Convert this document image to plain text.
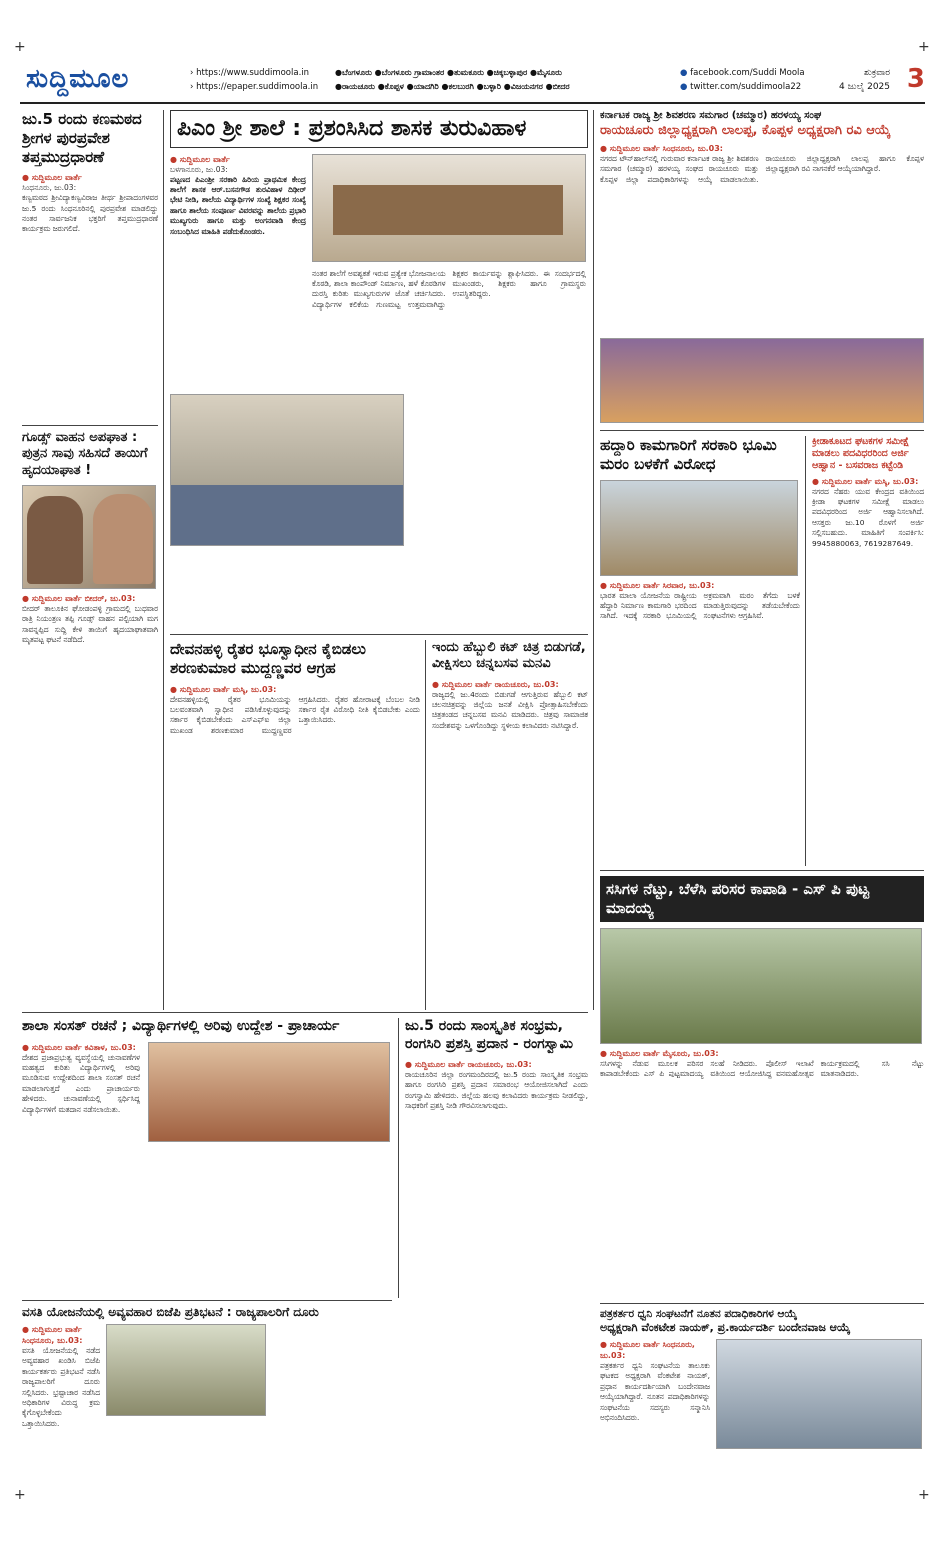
+	+
+	+
ಸುದ್ದಿಮೂಲ	› https://www.suddimoola.in
› https://epaper.suddimoola.in
●ಬೆಂಗಳೂರು ●ಬೆಂಗಳೂರು ಗ್ರಾಮಾಂತರ ●ತುಮಕೂರು ●ಚಿಕ್ಕಬಳ್ಳಾಪುರ ●ಮೈಸೂರು
●ರಾಯಚೂರು ●ಕೊಪ್ಪಳ ●ಯಾದಗಿರಿ ●ಕಲಬುರಗಿ ●ಬಳ್ಳಾರಿ ●ವಿಜಯನಗರ ●ಬೀದರ
● facebook.com/Suddi Moola
● twitter.com/suddimoola22
ಶುಕ್ರವಾರ
4 ಜುಲೈ 2025 3
ಜು.5 ರಂದು ಕಣಮಠದ ಶ್ರೀಗಳ ಪುರಪ್ರವೇಶ ತಪ್ತಮುದ್ರಧಾರಣೆ
● ಸುದ್ದಿಮೂಲ ವಾರ್ತೆ
ಸಿಂಧನೂರು, ಜು.03:
ಕಣ್ವಮಠದ ಶ್ರೀವಿದ್ಯಾಕಣ್ವವಿರಾಜ ತೀರ್ಥ ಶ್ರೀಪಾದಂಗಳವರ ಜು.5 ರಂದು ಸಿಂಧನೂರಿನಲ್ಲಿ ಪುರಪ್ರವೇಶ ಮಾಡಲಿದ್ದು ನಂತರ ಸಾರ್ವಜನಿಕ ಭಕ್ತರಿಗೆ ತಪ್ತಮುದ್ರಧಾರಣೆ ಕಾರ್ಯಕ್ರಮ ಜರುಗಲಿದೆ.
ಗೂಡ್ಸ್ ವಾಹನ ಅಪಘಾತ : ಪುತ್ರನ ಸಾವು ಸಹಿಸದೆ ತಾಯಿಗೆ ಹೃದಯಾಘಾತ !
● ಸುದ್ದಿಮೂಲ ವಾರ್ತೆ ಬೀದರ್, ಜು.03:
ಬೀದರ್ ತಾಲೂಕಿನ ಘೋಡಂಪಳ್ಳಿ ಗ್ರಾಮದಲ್ಲಿ ಬುಧವಾರ ರಾತ್ರಿ ನಿಯಂತ್ರಣ ತಪ್ಪಿ ಗೂಡ್ಸ್ ವಾಹನ ಪಲ್ಟಿಯಾಗಿ ಮಗ ಸಾವನ್ನಪ್ಪಿದ ಸುದ್ದಿ ಕೇಳಿ ತಾಯಿಗೆ ಹೃದಯಾಘಾತವಾಗಿ ಮೃತಪಟ್ಟ ಘಟನೆ ನಡೆದಿದೆ.
ಪಿಎಂ ಶ್ರೀ ಶಾಲೆ : ಪ್ರಶಂಸಿಸಿದ ಶಾಸಕ ತುರುವಿಹಾಳ
● ಸುದ್ದಿಮೂಲ ವಾರ್ತೆ
ಬಳಗಾನೂರು, ಜು.03:
ಪಟ್ಟಣದ ಪಿಎಂಶ್ರೀ ಸರಕಾರಿ ಹಿರಿಯ ಪ್ರಾಥಮಿಕ ಕೇಂದ್ರ ಶಾಲೆಗೆ ಶಾಸಕ ಆರ್.ಬಸನಗೌಡ ತುರವಿಹಾಳ ದಿಢೀರ್ ಭೇಟಿ ನೀಡಿ, ಶಾಲೆಯ ವಿದ್ಯಾರ್ಥಿಗಳ ಸಂಖ್ಯೆ ಶಿಕ್ಷಕರ ಸಂಖ್ಯೆ ಹಾಗೂ ಶಾಲೆಯ ಸಂಪೂರ್ಣ ವಿವರವನ್ನು ಶಾಲೆಯ ಪ್ರಭಾರಿ ಮುಖ್ಯಗುರು ಹಾಗೂ ಮತ್ತು ಅಂಗನವಾಡಿ ಕೇಂದ್ರ ಸಂಬಂಧಿಸಿದ ಮಾಹಿತಿ ಪಡೆದುಕೊಂಡರು.
ನಂತರ ಶಾಲೆಗೆ ಅವಶ್ಯಕತೆ ಇರುವ ಪ್ರತ್ಯೇಕ ಭೋಜನಾಲಯ ಕೊಠಡಿ, ಶಾಲಾ ಕಾಂಪೌಂಡ್ ನಿರ್ಮಾಣ, ಹಳೆ ಕೊಠಡಿಗಳ ದುರಸ್ತಿ ಕುರಿತು ಮುಖ್ಯಗುರುಗಳ ಜೊತೆ ಚರ್ಚಿಸಿದರು. ವಿದ್ಯಾರ್ಥಿಗಳ ಕಲಿಕೆಯ ಗುಣಮಟ್ಟ ಉತ್ತಮವಾಗಿದ್ದು ಶಿಕ್ಷಕರ ಕಾರ್ಯವನ್ನು ಶ್ಲಾಘಿಸಿದರು. ಈ ಸಂದರ್ಭದಲ್ಲಿ ಮುಖಂಡರು, ಶಿಕ್ಷಕರು ಹಾಗೂ ಗ್ರಾಮಸ್ಥರು ಉಪಸ್ಥಿತರಿದ್ದರು.
ದೇವನಹಳ್ಳಿ ರೈತರ ಭೂಸ್ವಾಧೀನ ಕೈಬಿಡಲು ಶರಣಕುಮಾರ ಮುದ್ದಣ್ಣವರ ಆಗ್ರಹ
● ಸುದ್ದಿಮೂಲ ವಾರ್ತೆ ಮಸ್ಕಿ, ಜು.03:
ದೇವನಹಳ್ಳಿಯಲ್ಲಿ ರೈತರ ಭೂಮಿಯನ್ನು ಬಲವಂತವಾಗಿ ಸ್ವಾಧೀನ ಪಡಿಸಿಕೊಳ್ಳುವುದನ್ನು ಸರ್ಕಾರ ಕೈಬಿಡಬೇಕೆಂದು ಎಸ್ಎಫ್ಐ ಜಿಲ್ಲಾ ಮುಖಂಡ ಶರಣಕುಮಾರ ಮುದ್ದಣ್ಣವರ ಆಗ್ರಹಿಸಿದರು. ರೈತರ ಹೋರಾಟಕ್ಕೆ ಬೆಂಬಲ ನೀಡಿ ಸರ್ಕಾರ ರೈತ ವಿರೋಧಿ ನೀತಿ ಕೈಬಿಡಬೇಕು ಎಂದು ಒತ್ತಾಯಿಸಿದರು.
ಇಂದು ಹೆಬ್ಬುಲಿ ಕಟ್ ಚಿತ್ರ ಬಿಡುಗಡೆ, ವೀಕ್ಷಿಸಲು ಚನ್ನಬಸವ ಮನವಿ
● ಸುದ್ದಿಮೂಲ ವಾರ್ತೆ ರಾಯಚೂರು, ಜು.03:
ರಾಜ್ಯದಲ್ಲಿ ಜು.4ರಂದು ಬಿಡುಗಡೆ ಆಗುತ್ತಿರುವ ಹೆಬ್ಬುಲಿ ಕಟ್ ಚಲನಚಿತ್ರವನ್ನು ಜಿಲ್ಲೆಯ ಜನತೆ ವೀಕ್ಷಿಸಿ ಪ್ರೋತ್ಸಾಹಿಸಬೇಕೆಂದು ಚಿತ್ರತಂಡದ ಚನ್ನಬಸವ ಮನವಿ ಮಾಡಿದರು. ಚಿತ್ರವು ಸಾಮಾಜಿಕ ಸಂದೇಶವನ್ನು ಒಳಗೊಂಡಿದ್ದು ಸ್ಥಳೀಯ ಕಲಾವಿದರು ನಟಿಸಿದ್ದಾರೆ.
ಕರ್ನಾಟಕ ರಾಜ್ಯ ಶ್ರೀ ಶಿವಶರಣ ಸಮಗಾರ (ಚಮ್ಮಾರ) ಹರಳಯ್ಯ ಸಂಘ
ರಾಯಚೂರು ಜಿಲ್ಲಾಧ್ಯಕ್ಷರಾಗಿ ಲಾಲಪ್ಪ, ಕೊಪ್ಪಳ ಅಧ್ಯಕ್ಷರಾಗಿ ರವಿ ಆಯ್ಕೆ
● ಸುದ್ದಿಮೂಲ ವಾರ್ತೆ ಸಿಂಧನೂರು, ಜು.03:
ನಗರದ ಟೌನ್‌ಹಾಲ್‌ನಲ್ಲಿ ಗುರುವಾರ ಕರ್ನಾಟಕ ರಾಜ್ಯ ಶ್ರೀ ಶಿವಶರಣ ಸಮಗಾರ (ಚಮ್ಮಾರ) ಹರಳಯ್ಯ ಸಂಘದ ರಾಯಚೂರು ಮತ್ತು ಕೊಪ್ಪಳ ಜಿಲ್ಲಾ ಪದಾಧಿಕಾರಿಗಳನ್ನು ಆಯ್ಕೆ ಮಾಡಲಾಯಿತು. ರಾಯಚೂರು ಜಿಲ್ಲಾಧ್ಯಕ್ಷರಾಗಿ ಲಾಲಪ್ಪ ಹಾಗೂ ಕೊಪ್ಪಳ ಜಿಲ್ಲಾಧ್ಯಕ್ಷರಾಗಿ ರವಿ ನಾಗನಕೆರೆ ಆಯ್ಕೆಯಾಗಿದ್ದಾರೆ.
ಹದ್ದಾರಿ ಕಾಮಗಾರಿಗೆ ಸರಕಾರಿ ಭೂಮಿ ಮರಂ ಬಳಕೆಗೆ ವಿರೋಧ
● ಸುದ್ದಿಮೂಲ ವಾರ್ತೆ ಸಿರವಾರ, ಜು.03:
ಭಾರತ ಮಾಲಾ ಯೋಜನೆಯ ರಾಷ್ಟ್ರೀಯ ಹೆದ್ದಾರಿ ನಿರ್ಮಾಣ ಕಾಮಗಾರಿ ಭರದಿಂದ ಸಾಗಿದೆ. ಇದಕ್ಕೆ ಸರಕಾರಿ ಭೂಮಿಯಲ್ಲಿ ಅಕ್ರಮವಾಗಿ ಮರಂ ತೆಗೆದು ಬಳಕೆ ಮಾಡುತ್ತಿರುವುದನ್ನು ತಡೆಯಬೇಕೆಂದು ಸಂಘಟನೆಗಳು ಆಗ್ರಹಿಸಿವೆ.
ಕ್ರೀಡಾಕೂಟದ ಘಟಕಗಳ ಸಮೀಕ್ಷೆ ಮಾಡಲು ಪದವಿಧರರಿಂದ ಅರ್ಜಿ ಆಹ್ವಾನ - ಬಸವರಾಜ ಕಟ್ಟೆಂಡಿ
● ಸುದ್ದಿಮೂಲ ವಾರ್ತೆ ಮಸ್ಕಿ, ಜು.03:
ನಗರದ ನೆಹರು ಯುವ ಕೇಂದ್ರದ ವತಿಯಿಂದ ಕ್ರೀಡಾ ಘಟಕಗಳ ಸಮೀಕ್ಷೆ ಮಾಡಲು ಪದವಿಧರರಿಂದ ಅರ್ಜಿ ಆಹ್ವಾನಿಸಲಾಗಿದೆ. ಆಸಕ್ತರು ಜು.10 ರೊಳಗೆ ಅರ್ಜಿ ಸಲ್ಲಿಸಬಹುದು. ಮಾಹಿತಿಗೆ ಸಂಪರ್ಕಿಸಿ: 9945880063, 7619287649.
ಸಸಿಗಳ ನೆಟ್ಟು, ಬೆಳೆಸಿ ಪರಿಸರ ಕಾಪಾಡಿ - ಎಸ್ ಪಿ ಪುಟ್ಟ ಮಾದಯ್ಯ
● ಸುದ್ದಿಮೂಲ ವಾರ್ತೆ ಮೈಸೂರು, ಜು.03:
ಸಸಿಗಳನ್ನು ನೆಡುವ ಮೂಲಕ ಪರಿಸರ ಕಾಪಾಡಬೇಕೆಂದು ಎಸ್ ಪಿ ಪುಟ್ಟಮಾದಯ್ಯ ಸಲಹೆ ನೀಡಿದರು. ಪೊಲೀಸ್ ಇಲಾಖೆ ವತಿಯಿಂದ ಆಯೋಜಿಸಿದ್ದ ವನಮಹೋತ್ಸವ ಕಾರ್ಯಕ್ರಮದಲ್ಲಿ ಸಸಿ ನೆಟ್ಟು ಮಾತನಾಡಿದರು.
ಪತ್ರಕರ್ತರ ಧ್ವನಿ ಸಂಘಟನೆಗೆ ನೂತನ ಪದಾಧಿಕಾರಿಗಳ ಆಯ್ಕೆ
ಅಧ್ಯಕ್ಷರಾಗಿ ವೆಂಕಟೇಶ ನಾಯಕ್, ಪ್ರ.ಕಾರ್ಯದರ್ಶಿ ಬಂದೇನವಾಜ ಆಯ್ಕೆ
● ಸುದ್ದಿಮೂಲ ವಾರ್ತೆ ಸಿಂಧನೂರು, ಜು.03:
ಪತ್ರಕರ್ತರ ಧ್ವನಿ ಸಂಘಟನೆಯ ತಾಲೂಕು ಘಟಕದ ಅಧ್ಯಕ್ಷರಾಗಿ ವೆಂಕಟೇಶ ನಾಯಕ್, ಪ್ರಧಾನ ಕಾರ್ಯದರ್ಶಿಯಾಗಿ ಬಂದೇನವಾಜ ಆಯ್ಕೆಯಾಗಿದ್ದಾರೆ. ನೂತನ ಪದಾಧಿಕಾರಿಗಳನ್ನು ಸಂಘಟನೆಯ ಸದಸ್ಯರು ಸನ್ಮಾನಿಸಿ ಅಭಿನಂದಿಸಿದರು.
ಶಾಲಾ ಸಂಸತ್ ರಚನೆ ; ವಿದ್ಯಾರ್ಥಿಗಳಲ್ಲಿ ಅರಿವು ಉದ್ದೇಶ - ಪ್ರಾಚಾರ್ಯ
● ಸುದ್ದಿಮೂಲ ವಾರ್ತೆ ಕವಿತಾಳ, ಜು.03:
ದೇಶದ ಪ್ರಜಾಪ್ರಭುತ್ವ ವ್ಯವಸ್ಥೆಯಲ್ಲಿ ಚುನಾವಣೆಗಳ ಮಹತ್ವದ ಕುರಿತು ವಿದ್ಯಾರ್ಥಿಗಳಲ್ಲಿ ಅರಿವು ಮೂಡಿಸುವ ಉದ್ದೇಶದಿಂದ ಶಾಲಾ ಸಂಸತ್ ರಚನೆ ಮಾಡಲಾಗುತ್ತದೆ ಎಂದು ಪ್ರಾಚಾರ್ಯರು ಹೇಳಿದರು. ಚುನಾವಣೆಯಲ್ಲಿ ಸ್ಪರ್ಧಿಸಿದ್ದ ವಿದ್ಯಾರ್ಥಿಗಳಿಗೆ ಮತದಾನ ನಡೆಸಲಾಯಿತು.
ಜು.5 ರಂದು ಸಾಂಸ್ಕೃತಿಕ ಸಂಭ್ರಮ, ರಂಗಸಿರಿ ಪ್ರಶಸ್ತಿ ಪ್ರದಾನ - ರಂಗಸ್ವಾಮಿ
● ಸುದ್ದಿಮೂಲ ವಾರ್ತೆ ರಾಯಚೂರು, ಜು.03:
ರಾಯಚೂರಿನ ಜಿಲ್ಲಾ ರಂಗಮಂದಿರದಲ್ಲಿ ಜು.5 ರಂದು ಸಾಂಸ್ಕೃತಿಕ ಸಂಭ್ರಮ ಹಾಗೂ ರಂಗಸಿರಿ ಪ್ರಶಸ್ತಿ ಪ್ರದಾನ ಸಮಾರಂಭ ಆಯೋಜಿಸಲಾಗಿದೆ ಎಂದು ರಂಗಸ್ವಾಮಿ ಹೇಳಿದರು. ಜಿಲ್ಲೆಯ ಹಲವು ಕಲಾವಿದರು ಕಾರ್ಯಕ್ರಮ ನೀಡಲಿದ್ದು, ಸಾಧಕರಿಗೆ ಪ್ರಶಸ್ತಿ ನೀಡಿ ಗೌರವಿಸಲಾಗುವುದು.
ವಸತಿ ಯೋಜನೆಯಲ್ಲಿ ಅವ್ಯವಹಾರ ಬಿಜೆಪಿ ಪ್ರತಿಭಟನೆ : ರಾಜ್ಯಪಾಲರಿಗೆ ದೂರು
● ಸುದ್ದಿಮೂಲ ವಾರ್ತೆ ಸಿಂಧನೂರು, ಜು.03:
ವಸತಿ ಯೋಜನೆಯಲ್ಲಿ ನಡೆದ ಅವ್ಯವಹಾರ ಖಂಡಿಸಿ ಬಿಜೆಪಿ ಕಾರ್ಯಕರ್ತರು ಪ್ರತಿಭಟನೆ ನಡೆಸಿ ರಾಜ್ಯಪಾಲರಿಗೆ ದೂರು ಸಲ್ಲಿಸಿದರು. ಭ್ರಷ್ಟಾಚಾರ ನಡೆಸಿದ ಅಧಿಕಾರಿಗಳ ವಿರುದ್ಧ ಕ್ರಮ ಕೈಗೊಳ್ಳಬೇಕೆಂದು ಒತ್ತಾಯಿಸಿದರು.
